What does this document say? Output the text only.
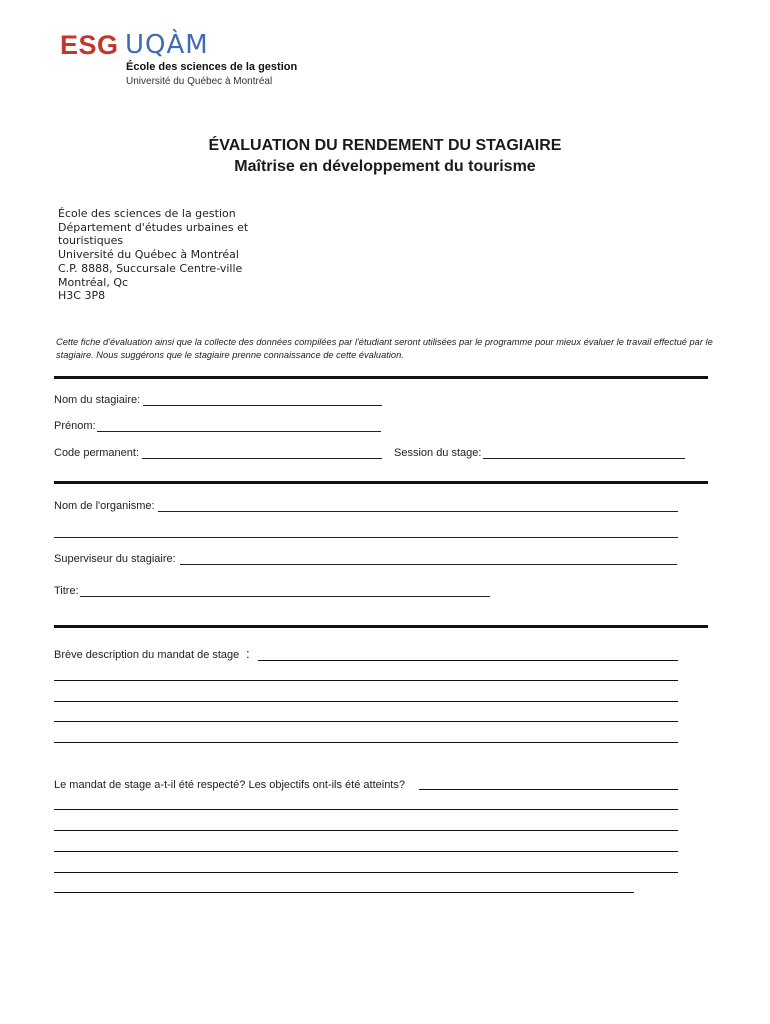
ESG UQÀM
École des sciences de la gestion
Université du Québec à Montréal
ÉVALUATION DU RENDEMENT DU STAGIAIRE
Maîtrise en développement du tourisme
École des sciences de la gestion
Département d'études urbaines et
touristiques
Université du Québec à Montréal
C.P. 8888, Succursale Centre-ville
Montréal, Qc
H3C 3P8
Cette fiche d'évaluation ainsi que la collecte des données compilées par l'étudiant seront utilisées par le programme pour mieux évaluer le travail effectué par le stagiaire. Nous suggérons que le stagiaire prenne connaissance de cette évaluation.
Nom du stagiaire:
Prénom:
Code permanent:	Session du stage:
Nom de l'organisme:
Superviseur du stagiaire:
Titre:
Brève description du mandat de stage :
Le mandat de stage a-t-il été respecté? Les objectifs ont-ils été atteints?
